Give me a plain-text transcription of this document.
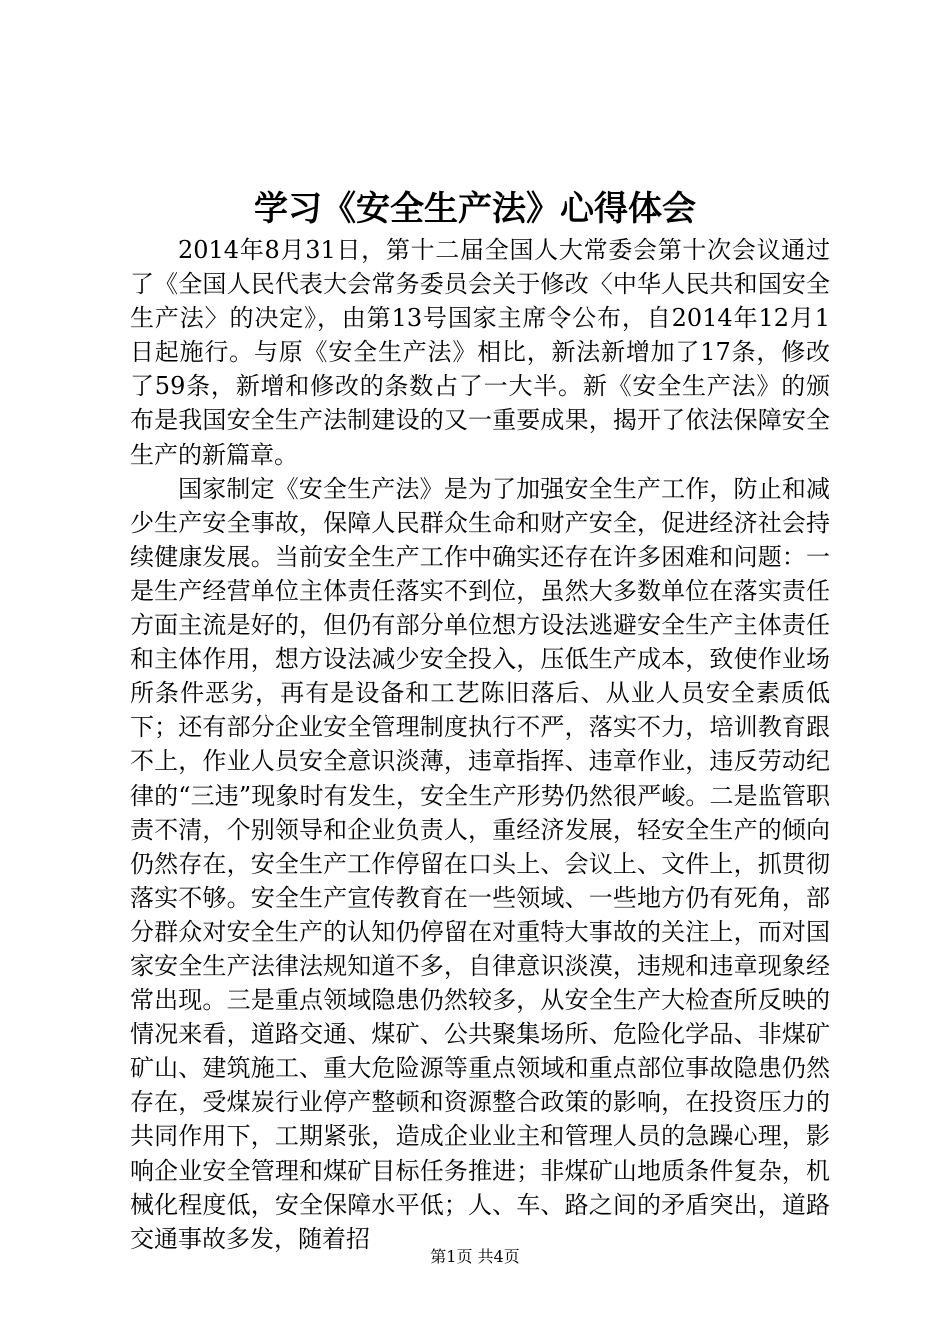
学习《安全生产法》心得体会

2014年8月31日，第十二届全国人大常委会第十次会议通过了《全国人民代表大会常务委员会关于修改〈中华人民共和国安全生产法〉的决定》，由第13号国家主席令公布，自2014年12月1日起施行。与原《安全生产法》相比，新法新增加了17条，修改了59条，新增和修改的条数占了一大半。新《安全生产法》的颁布是我国安全生产法制建设的又一重要成果，揭开了依法保障安全生产的新篇章。

国家制定《安全生产法》是为了加强安全生产工作，防止和减少生产安全事故，保障人民群众生命和财产安全，促进经济社会持续健康发展。当前安全生产工作中确实还存在许多困难和问题：一是生产经营单位主体责任落实不到位，虽然大多数单位在落实责任方面主流是好的，但仍有部分单位想方设法逃避安全生产主体责任和主体作用，想方设法减少安全投入，压低生产成本，致使作业场所条件恶劣，再有是设备和工艺陈旧落后、从业人员安全素质低下；还有部分企业安全管理制度执行不严，落实不力，培训教育跟不上，作业人员安全意识淡薄，违章指挥、违章作业，违反劳动纪律的“三违”现象时有发生，安全生产形势仍然很严峻。二是监管职责不清，个别领导和企业负责人，重经济发展，轻安全生产的倾向仍然存在，安全生产工作停留在口头上、会议上、文件上，抓贯彻落实不够。安全生产宣传教育在一些领域、一些地方仍有死角，部分群众对安全生产的认知仍停留在对重特大事故的关注上，而对国家安全生产法律法规知道不多，自律意识淡漠，违规和违章现象经常出现。三是重点领域隐患仍然较多，从安全生产大检查所反映的情况来看，道路交通、煤矿、公共聚集场所、危险化学品、非煤矿矿山、建筑施工、重大危险源等重点领域和重点部位事故隐患仍然存在，受煤炭行业停产整顿和资源整合政策的影响，在投资压力的共同作用下，工期紧张，造成企业业主和管理人员的急躁心理，影响企业安全管理和煤矿目标任务推进；非煤矿山地质条件复杂，机械化程度低，安全保障水平低；人、车、路之间的矛盾突出，道路交通事故多发，随着招

第1页 共4页
